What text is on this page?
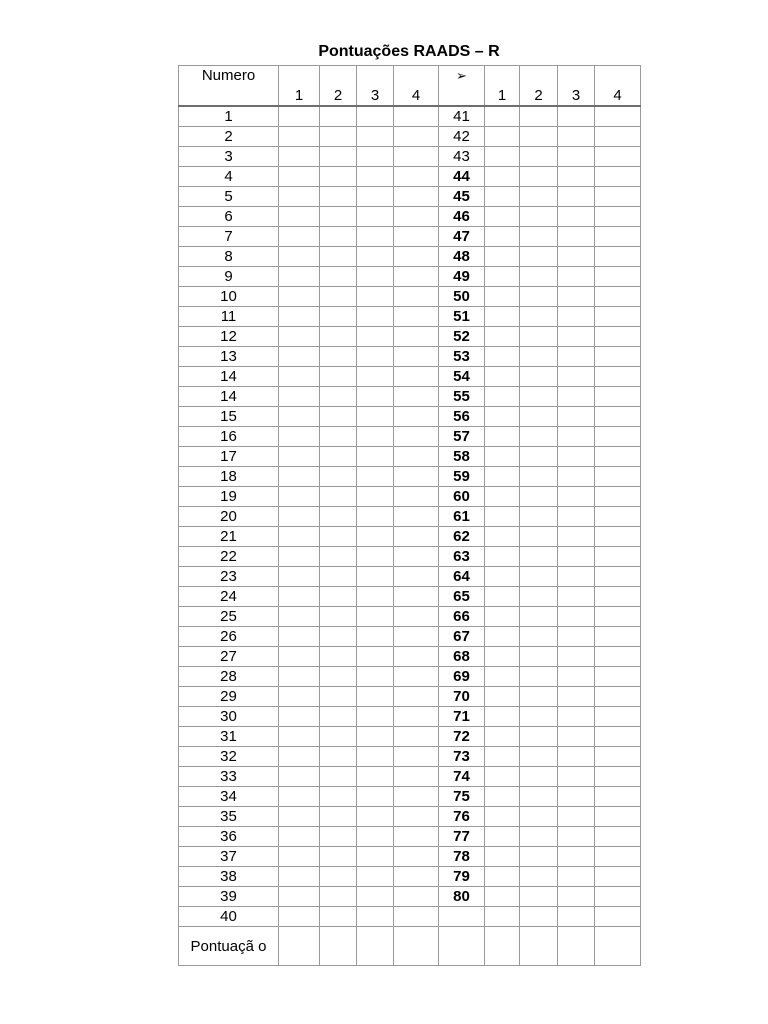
Pontuações RAADS – R
Numero	1	2	3	4	➢	1	2	3	4
1					41				
2					42				
3					43				
4					44				
5					45				
6					46				
7					47				
8					48				
9					49				
10					50				
11					51				
12					52				
13					53				
14					54				
14					55				
15					56				
16					57				
17					58				
18					59				
19					60				
20					61				
21					62				
22					63				
23					64				
24					65				
25					66				
26					67				
27					68				
28					69				
29					70				
30					71				
31					72				
32					73				
33					74				
34					75				
35					76				
36					77				
37					78				
38					79				
39					80				
40									
Pontuaçã o									
